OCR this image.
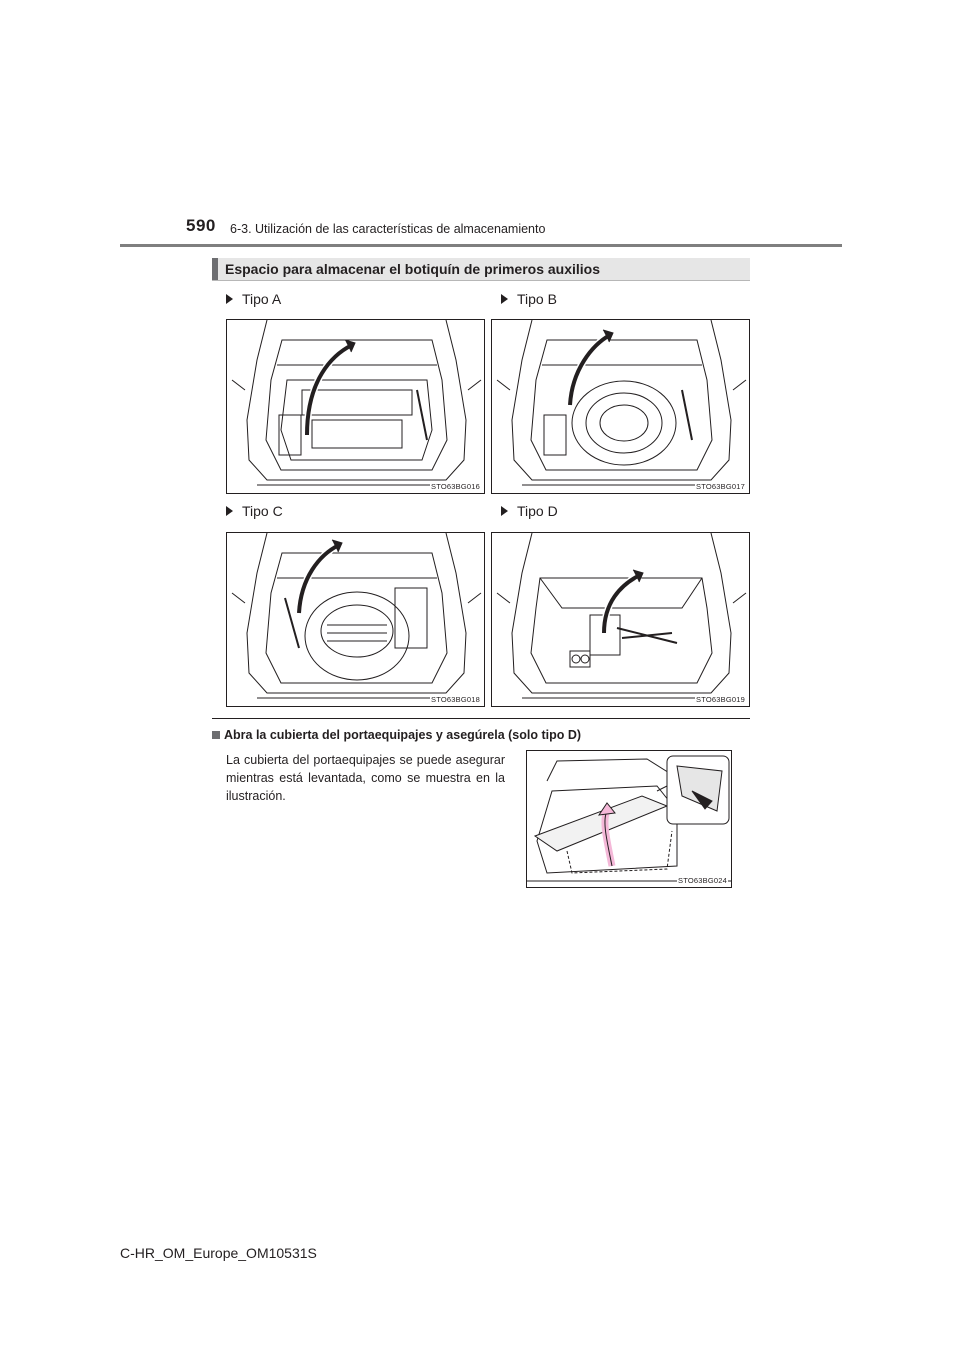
590 6-3. Utilización de las características de almacenamiento
Espacio para almacenar el botiquín de primeros auxilios
Tipo A	Tipo B
Tipo C	Tipo D
STO63BG016	STO63BG017
STO63BG018	STO63BG019
Abra la cubierta del portaequipajes y asegúrela (solo tipo D)
La cubierta del portaequipajes se puede asegurar mientras está levantada, como se muestra en la ilustración.
STO63BG024
C-HR_OM_Europe_OM10531S
